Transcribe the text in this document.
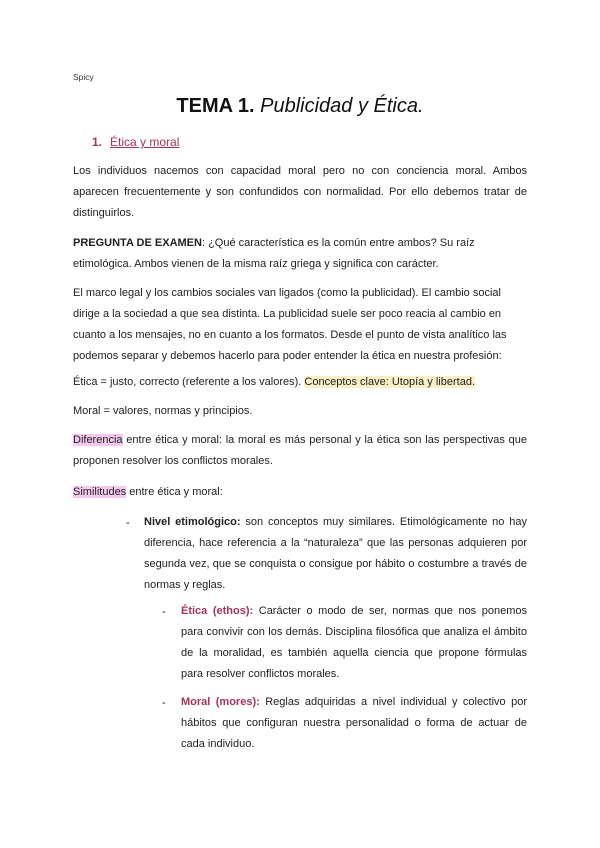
Spicy
TEMA 1. Publicidad y Ética.
1. Ética y moral
Los individuos nacemos con capacidad moral pero no con conciencia moral. Ambos aparecen frecuentemente y son confundidos con normalidad. Por ello debemos tratar de distinguirlos.
PREGUNTA DE EXAMEN: ¿Qué característica es la común entre ambos? Su raíz etimológica. Ambos vienen de la misma raíz griega y significa con carácter.
El marco legal y los cambios sociales van ligados (como la publicidad). El cambio social dirige a la sociedad a que sea distinta. La publicidad suele ser poco reacia al cambio en cuanto a los mensajes, no en cuanto a los formatos. Desde el punto de vista analítico las podemos separar y debemos hacerlo para poder entender la ética en nuestra profesión:
Ética = justo, correcto (referente a los valores). Conceptos clave: Utopía y libertad.
Moral = valores, normas y principios.
Diferencia entre ética y moral: la moral es más personal y la ética son las perspectivas que proponen resolver los conflictos morales.
Similitudes entre ética y moral:
- Nivel etimológico: son conceptos muy similares. Etimológicamente no hay diferencia, hace referencia a la “naturaleza” que las personas adquieren por segunda vez, que se conquista o consigue por hábito o costumbre a través de normas y reglas.
- Ética (ethos): Carácter o modo de ser, normas que nos ponemos para convivir con los demás. Disciplina filosófica que analiza el ámbito de la moralidad, es también aquella ciencia que propone fórmulas para resolver conflictos morales.
- Moral (mores): Reglas adquiridas a nivel individual y colectivo por hábitos que configuran nuestra personalidad o forma de actuar de cada individuo.
